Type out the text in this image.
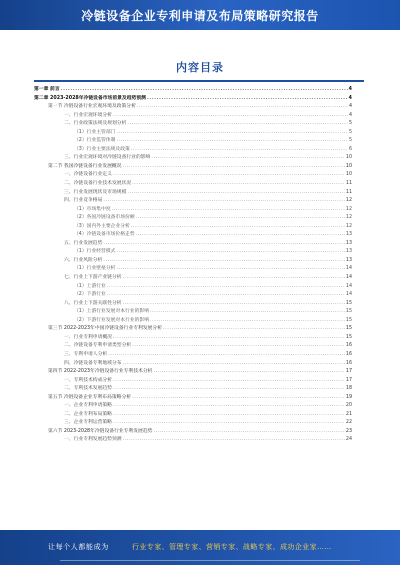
冷链设备企业专利申请及布局策略研究报告
内容目录
第一章 前言 .....	4
第二章 2023-2028年冷链设备市场前景及趋势预测 .....	4
第一节 冷链设备行业宏观环境及政策分析 .....	4
一、行业宏观环境分析 .....	4
二、行业政策法规及规划分析 .....	5
（1）行业主管部门 .....	5
（2）行业监管体制 .....	5
（3）行业主要法规及政策 .....	6
三、行业宏观环境对冷链设备行业的影响 .....	10
第二节 我国冷链设备行业发展概况 .....	10
一、冷链设备行业定义 .....	10
二、冷链设备行业技术发展状况 .....	11
三、行业发展现状及市场规模 .....	11
四、行业竞争格局 .....	12
（1）市场集中度 .....	12
（2）各国冷链设备市场份额 .....	12
（3）国内外主要企业分析 .....	12
（4）冷链设备市场价格走势 .....	13
五、行业发展趋势 .....	13
（1）行业经营模式 .....	13
六、行业风险分析 .....	13
（1）行业壁垒分析 .....	14
七、行业上下游产业链分析 .....	14
（1）上游行业 .....	14
（2）下游行业 .....	14
八、行业上下游关联性分析 .....	15
（1）上游行业发展对本行业的影响 .....	15
（2）下游行业发展对本行业的影响 .....	15
第三节 2022-2023年中国冷链设备行业专利发展分析 .....	15
一、行业专利申请概况 .....	15
二、冷链设备专利申请类型分析 .....	16
三、专利申请人分析 .....	16
四、冷链设备专利地域分布 .....	16
第四节 2022-2023年冷链设备行业专利技术分析 .....	17
一、专利技术构成分析 .....	17
二、专利技术发展趋势 .....	18
第五节 冷链设备企业专利布局策略分析 .....	19
一、企业专利申请策略 .....	20
二、企业专利布局策略 .....	21
三、企业专利运营策略 .....	22
第六节 2023-2028年冷链设备行业专利发展趋势 .....	23
一、行业专利发展趋势预测 .....	24
让每个人都能成为	行业专家、管理专家、营销专家、战略专家、成功企业家……
